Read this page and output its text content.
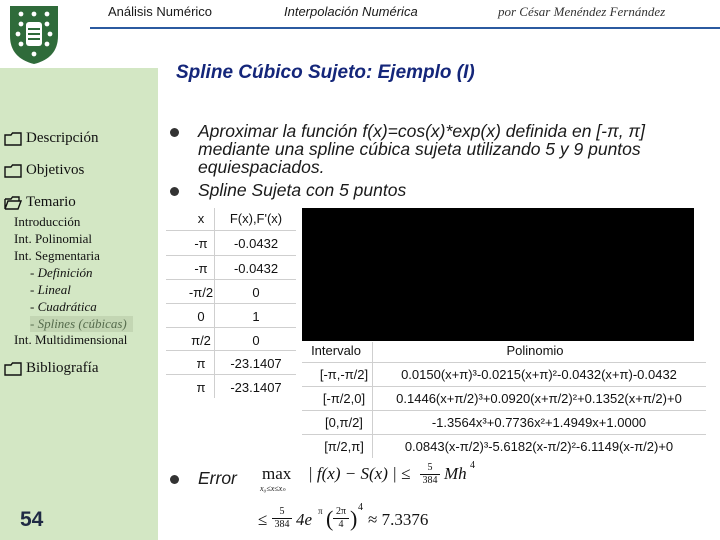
Análisis Numérico	Interpolación Numérica	por César Menéndez Fernández
Descripción
Objetivos
Temario
Introducción
Int. Polinomial
Int. Segmentaria
- Definición
- Lineal
- Cuadrática
- Splines (cúbicas)
Int. Multidimensional
Bibliografía
54
Spline Cúbico Sujeto: Ejemplo (I)
Aproximar la función f(x)=cos(x)*exp(x) definida en [-π, π]
mediante una spline cúbica sujeta utilizando 5 y 9 puntos
equiespaciados.
Spline Sujeta con 5 puntos
Error
x	F(x),F'(x)
-π	-0.0432
-π	-0.0432
-π/2	0
0	1
π/2	0
π	-23.1407
π	-23.1407
Intervalo	Polinomio
[-π,-π/2]	0.0150(x+π)³-0.0215(x+π)²-0.0432(x+π)-0.0432
[-π/2,0]	0.1446(x+π/2)³+0.0920(x+π/2)²+0.1352(x+π/2)+0
[0,π/2]	-1.3564x³+0.7736x²+1.4949x+1.0000
[π/2,π]	0.0843(x-π/2)³-5.6182(x-π/2)²-6.1149(x-π/2)+0
max
x₀≤x≤xₙ
| f(x) − S(x) | ≤	5
384 Mh 4
≤	5
384 4e π ( 2π
4 ) 4
≈ 7.3376
